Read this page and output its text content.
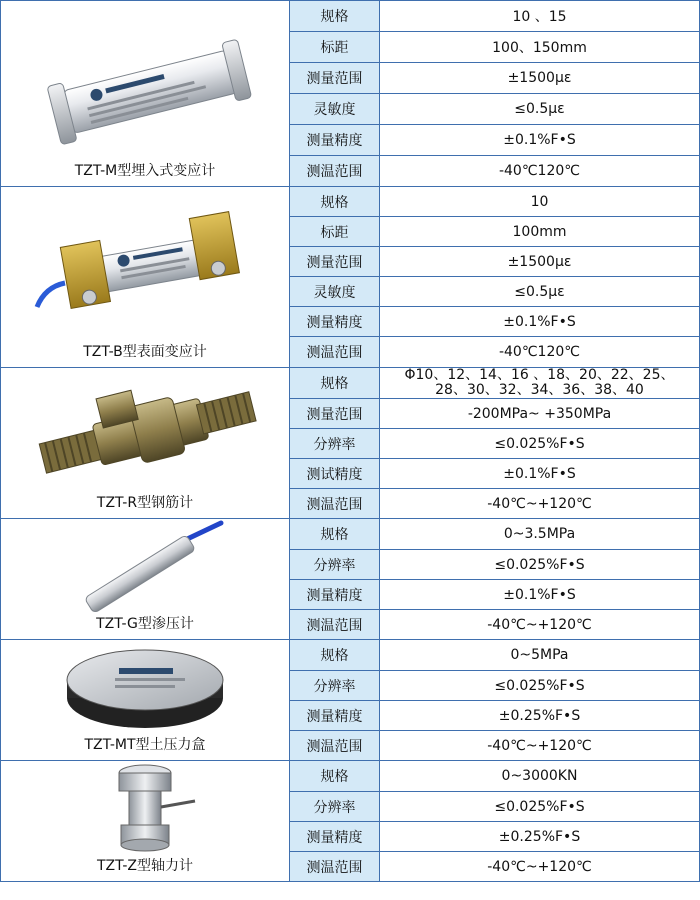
TZT-M型埋入式变应计	规格	10 、15
	标距	100、150mm
	测量范围	±1500με
	灵敏度	≤0.5με
	测量精度	±0.1%F•S
	测温范围	-40℃120℃

TZT-B型表面变应计	规格	10
	标距	100mm
	测量范围	±1500με
	灵敏度	≤0.5με
	测量精度	±0.1%F•S
	测温范围	-40℃120℃

TZT-R型钢筋计	规格	Φ10、12、14、16 、18、20、22、25、
28、30、32、34、36、38、40

	测量范围	-200MPa~ +350MPa
	分辨率	≤0.025%F•S
	测试精度	±0.1%F•S
	测温范围	-40℃~+120℃

TZT-G型渗压计	规格	0~3.5MPa
	分辨率	≤0.025%F•S
	测量精度	±0.1%F•S
	测温范围	-40℃~+120℃

TZT-MT型土压力盒	规格	0~5MPa
	分辨率	≤0.025%F•S
	测量精度	±0.25%F•S
	测温范围	-40℃~+120℃

TZT-Z型轴力计	规格	0~3000KN
	分辨率	≤0.025%F•S
	测量精度	±0.25%F•S
	测温范围	-40℃~+120℃
